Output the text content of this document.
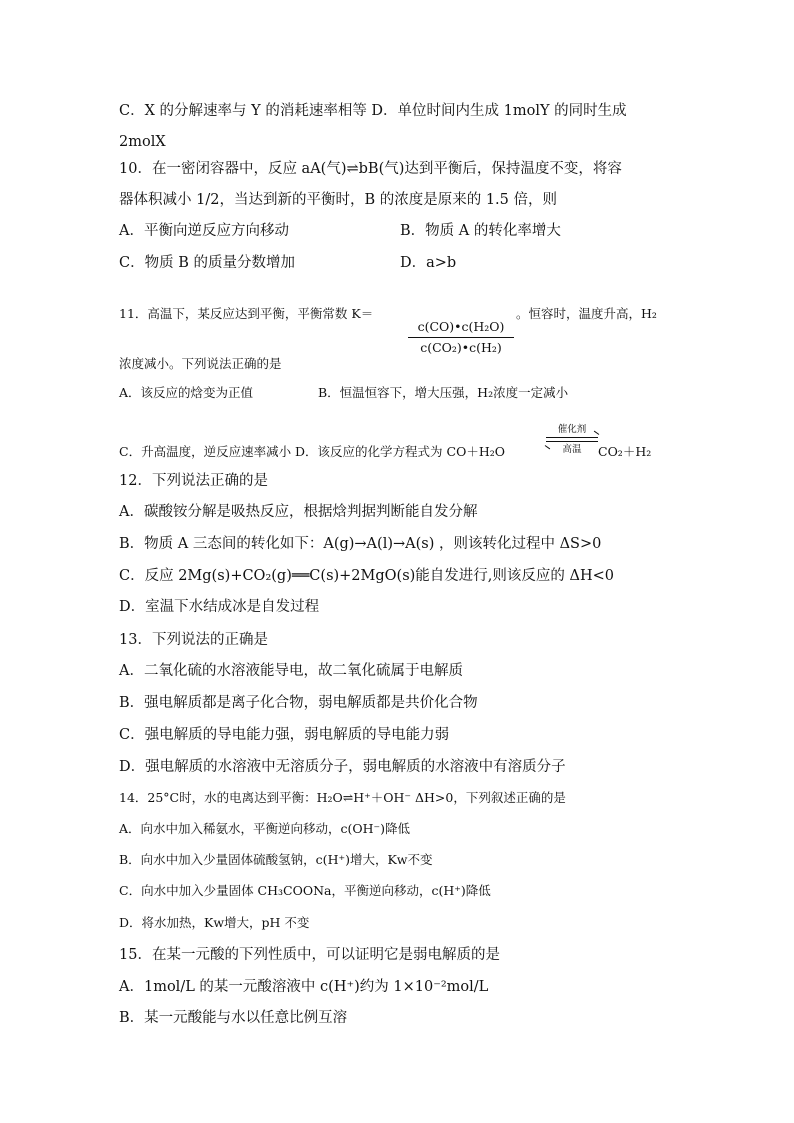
C．X 的分解速率与 Y 的消耗速率相等 D．单位时间内生成 1molY 的同时生成
2molX
10．在一密闭容器中，反应 aA(气)⇌bB(气)达到平衡后，保持温度不变，将容
器体积减小 1/2，当达到新的平衡时，B 的浓度是原来的 1.5 倍，则
A．平衡向逆反应方向移动	B．物质 A 的转化率增大
C．物质 B 的质量分数增加	D．a>b
11．高温下，某反应达到平衡，平衡常数 K＝
c(CO)•c(H₂O)
c(CO₂)•c(H₂)
。恒容时，温度升高，H₂
浓度减小。下列说法正确的是
A．该反应的焓变为正值	B．恒温恒容下，增大压强，H₂浓度一定减小
C．升高温度，逆反应速率减小 D．该反应的化学方程式为 CO＋H₂O
催化剂
高温	CO₂＋H₂
12．下列说法正确的是
A．碳酸铵分解是吸热反应，根据焓判据判断能自发分解
B．物质 A 三态间的转化如下：A(g)→A(l)→A(s) ，则该转化过程中 ΔS>0
C．反应 2Mg(s)+CO₂(g)══C(s)+2MgO(s)能自发进行,则该反应的 ΔH<0
D．室温下水结成冰是自发过程
13．下列说法的正确是
A．二氧化硫的水溶液能导电，故二氧化硫属于电解质
B．强电解质都是离子化合物，弱电解质都是共价化合物
C．强电解质的导电能力强，弱电解质的导电能力弱
D．强电解质的水溶液中无溶质分子，弱电解质的水溶液中有溶质分子
14．25°C时，水的电离达到平衡：H₂O⇌H⁺＋OH⁻ ΔH>0，下列叙述正确的是
A．向水中加入稀氨水，平衡逆向移动，c(OH⁻)降低
B．向水中加入少量固体硫酸氢钠，c(H⁺)增大，Kw不变
C．向水中加入少量固体 CH₃COONa，平衡逆向移动，c(H⁺)降低
D．将水加热，Kw增大，pH 不变
15．在某一元酸的下列性质中，可以证明它是弱电解质的是
A．1mol/L 的某一元酸溶液中 c(H⁺)约为 1×10⁻²mol/L
B．某一元酸能与水以任意比例互溶
